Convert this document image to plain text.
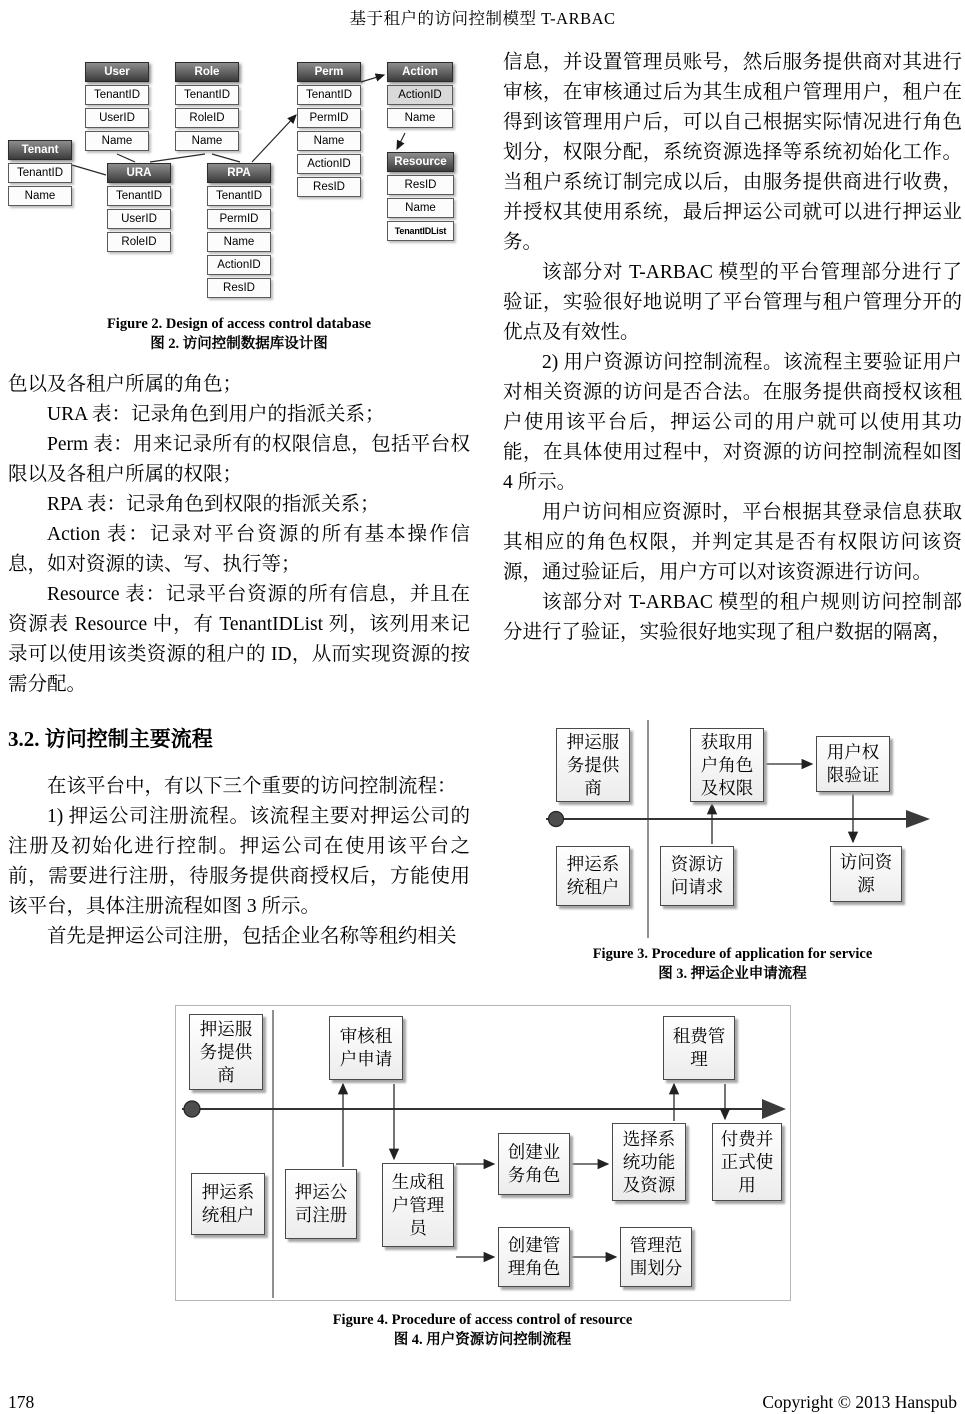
基于租户的访问控制模型 T-ARBAC
Tenant
TenantID
Name
User
TenantID
UserID
Name
Role
TenantID
RoleID
Name
Perm
TenantID
PermID
Name
ActionID
ResID
Action
ActionID
Name
URA
TenantID
UserID
RoleID
RPA
TenantID
PermID
Name
ActionID
ResID
Resource
ResID
Name
TenantIDList
Figure 2. Design of access control database
图 2. 访问控制数据库设计图

色以及各租户所属的角色；

URA 表：记录角色到用户的指派关系；

Perm 表：用来记录所有的权限信息，包括平台权限以及各租户所属的权限；

RPA 表：记录角色到权限的指派关系；

Action 表：记录对平台资源的所有基本操作信息，如对资源的读、写、执行等；

Resource 表：记录平台资源的所有信息，并且在资源表 Resource 中，有 TenantIDList 列，该列用来记录可以使用该类资源的租户的 ID，从而实现资源的按需分配。

3.2. 访问控制主要流程

在该平台中，有以下三个重要的访问控制流程：

1) 押运公司注册流程。该流程主要对押运公司的注册及初始化进行控制。押运公司在使用该平台之前，需要进行注册，待服务提供商授权后，方能使用该平台，具体注册流程如图 3 所示。

首先是押运公司注册，包括企业名称等租约相关

信息，并设置管理员账号，然后服务提供商对其进行审核，在审核通过后为其生成租户管理用户，租户在得到该管理用户后，可以自己根据实际情况进行角色划分，权限分配，系统资源选择等系统初始化工作。当租户系统订制完成以后，由服务提供商进行收费，并授权其使用系统，最后押运公司就可以进行押运业务。

该部分对 T-ARBAC 模型的平台管理部分进行了验证，实验很好地说明了平台管理与租户管理分开的优点及有效性。

2) 用户资源访问控制流程。该流程主要验证用户对相关资源的访问是否合法。在服务提供商授权该租户使用该平台后，押运公司的用户就可以使用其功能，在具体使用过程中，对资源的访问控制流程如图 4 所示。

用户访问相应资源时，平台根据其登录信息获取其相应的角色权限，并判定其是否有权限访问该资源，通过验证后，用户方可以对该资源进行访问。

该部分对 T-ARBAC 模型的租户规则访问控制部分进行了验证，实验很好地实现了租户数据的隔离，

押运服务提供商
获取用户角色及权限
用户权限验证
押运系统租户
资源访问请求
访问资源
Figure 3. Procedure of application for service
图 3. 押运企业申请流程
押运服务提供商
审核租户申请
租费管理
押运系统租户
押运公司注册
生成租户管理员
创建业务角色
选择系统功能及资源
付费并正式使用
创建管理角色
管理范围划分
Figure 4. Procedure of access control of resource
图 4. 用户资源访问控制流程
178	Copyright © 2013 Hanspub
